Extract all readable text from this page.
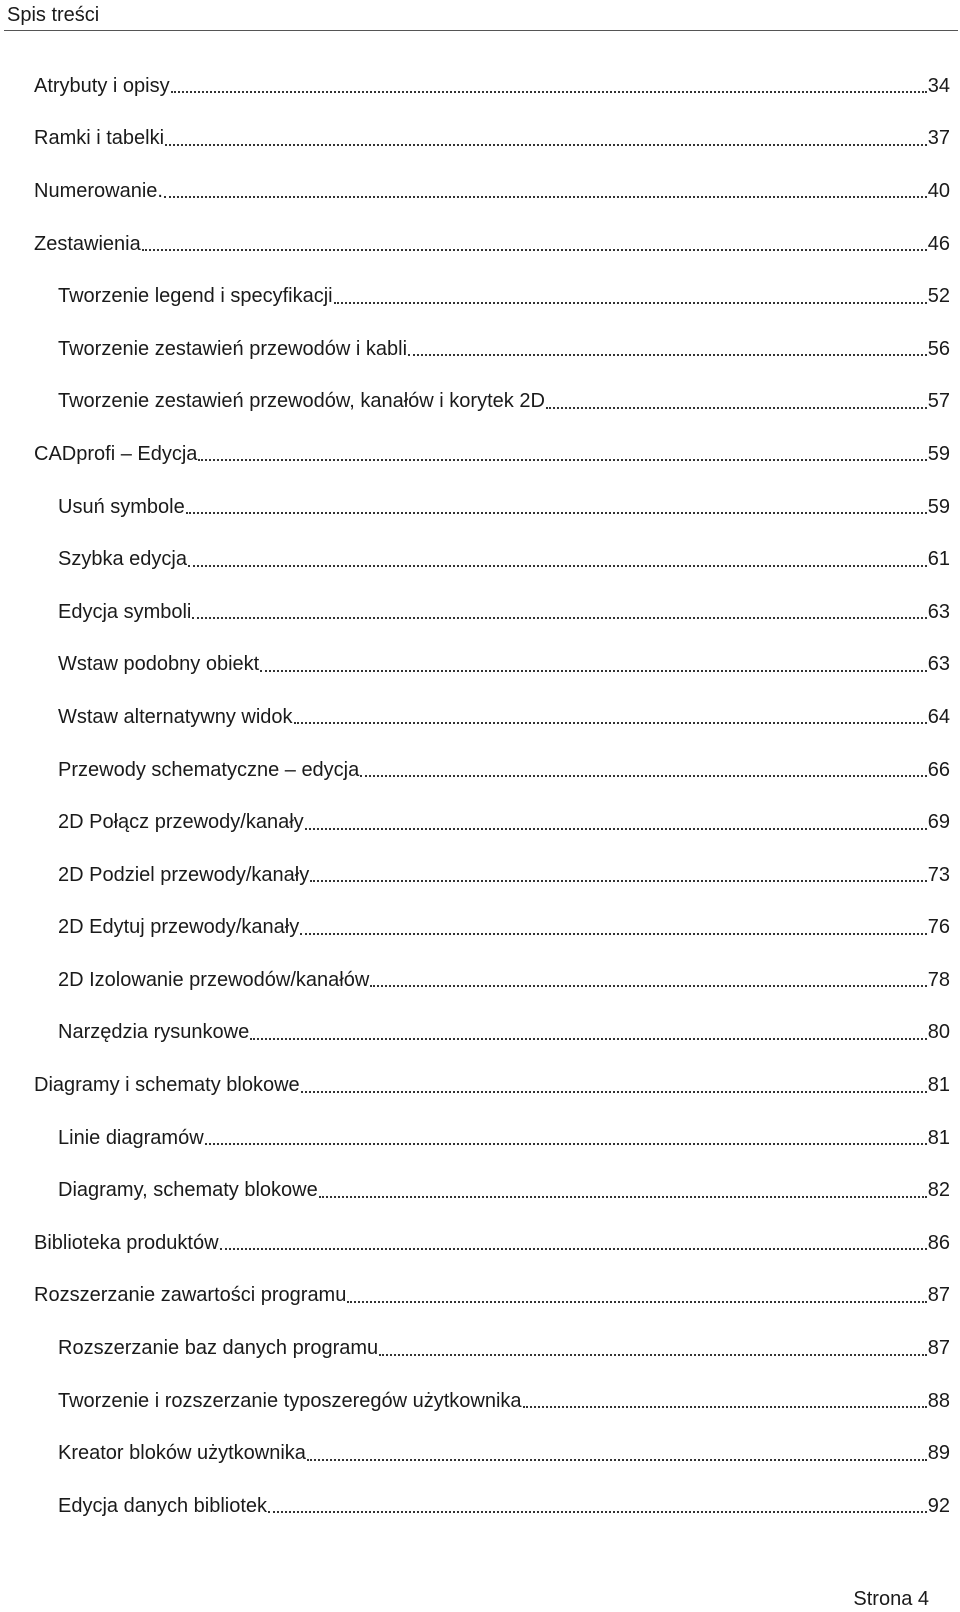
Spis treści
Atrybuty i opisy	34
Ramki i tabelki	37
Numerowanie.	40
Zestawienia	46
Tworzenie legend i specyfikacji	52
Tworzenie zestawień przewodów i kabli	56
Tworzenie zestawień przewodów, kanałów i korytek 2D	57
CADprofi – Edycja	59
Usuń symbole	59
Szybka edycja	61
Edycja symboli	63
Wstaw podobny obiekt	63
Wstaw alternatywny widok	64
Przewody schematyczne – edycja	66
2D Połącz przewody/kanały	69
2D Podziel przewody/kanały	73
2D Edytuj przewody/kanały	76
2D Izolowanie przewodów/kanałów	78
Narzędzia rysunkowe	80
Diagramy i schematy blokowe	81
Linie diagramów	81
Diagramy, schematy blokowe	82
Biblioteka produktów	86
Rozszerzanie zawartości programu	87
Rozszerzanie baz danych programu	87
Tworzenie i rozszerzanie typoszeregów użytkownika	88
Kreator bloków użytkownika	89
Edycja danych bibliotek	92
Strona 4
